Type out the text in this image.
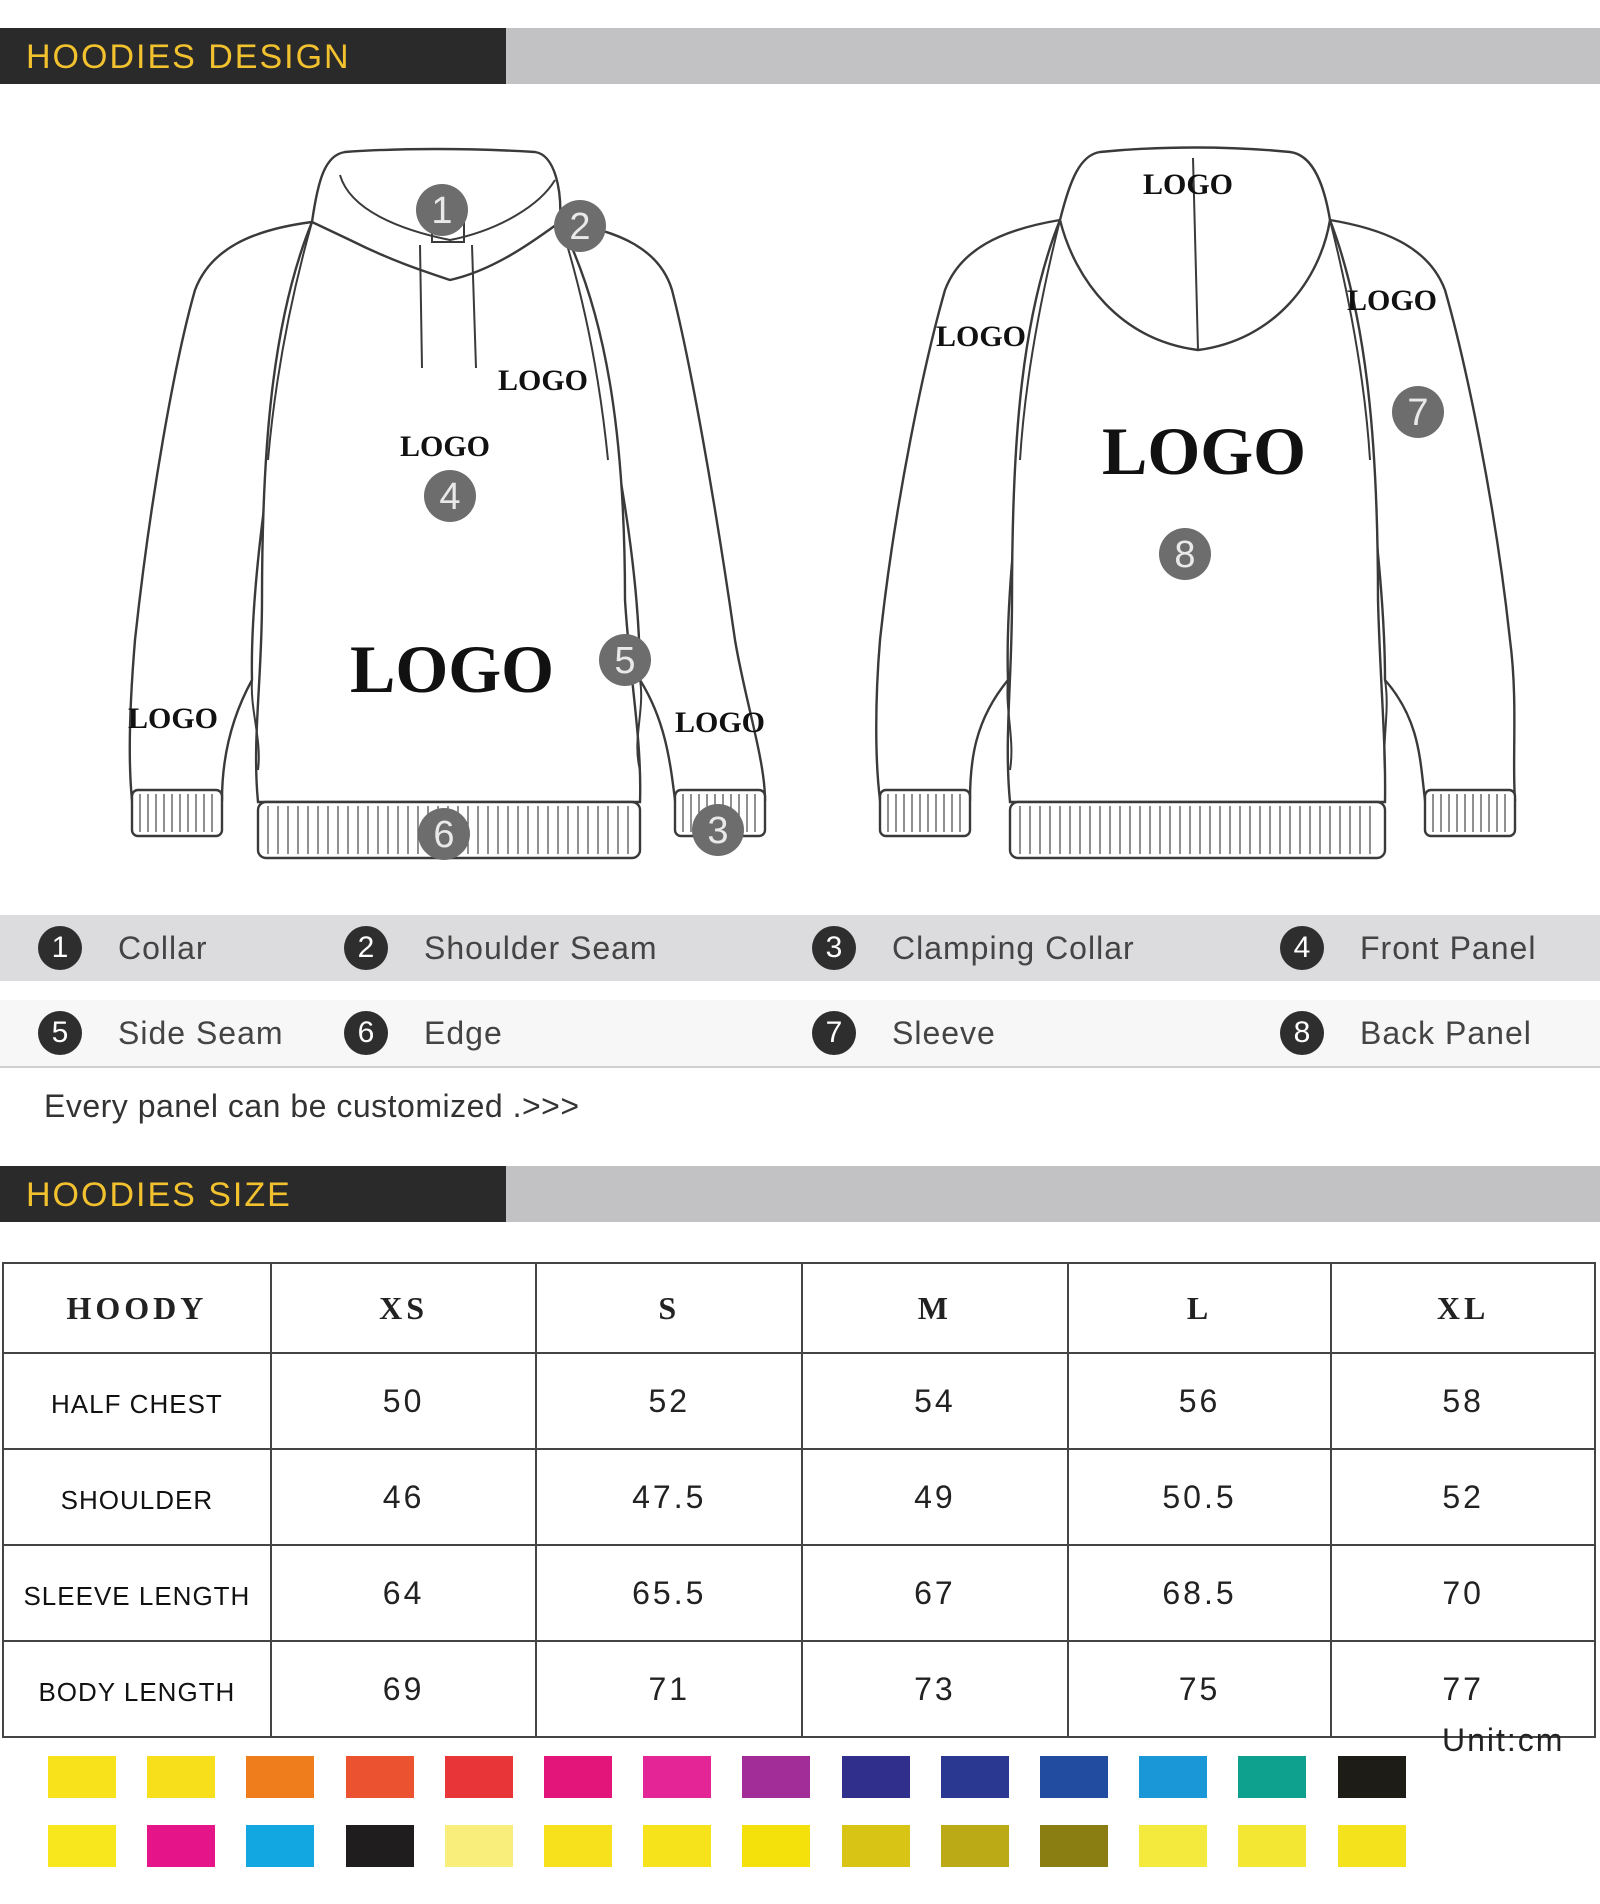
HOODIES DESIGN
LOGO
LOGO
LOGO
LOGO	LOGO
LOGO
LOGO
LOGO
LOGO
1	2
3
4
5
6
7
8
1	Collar	2	Shoulder Seam	3	Clamping Collar	4	Front Panel
5	Side Seam	6	Edge	7	Sleeve	8	Back Panel
Every panel can be customized .>>>
HOODIES SIZE
HOODY	XS	S	M	L	XL
HALF CHEST	50	52	54	56	58
SHOULDER	46	47.5	49	50.5	52
SLEEVE LENGTH	64	65.5	67	68.5	70
BODY LENGTH	69	71	73	75	77
Unit:cm
